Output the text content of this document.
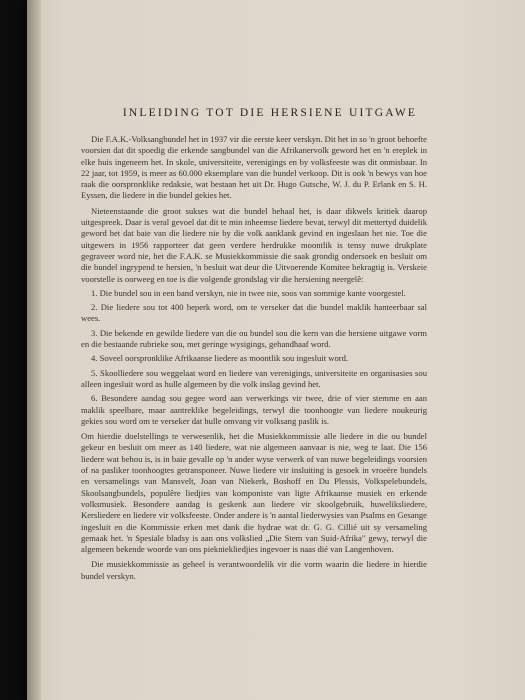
INLEIDING TOT DIE HERSIENE UITGAWE

Die F.A.K.-Volksangbundel het in 1937 vir die eerste keer verskyn. Dit het in so 'n groot behoefte voorsien dat dit spoedig die erkende sangbundel van die Afrikanervolk geword het en 'n ereplek in elke huis ingeneem het. In skole, universiteite, verenigings en by volksfeeste was dit onmisbaar. In 22 jaar, tot 1959, is meer as 60.000 eksemplare van die bundel verkoop. Dit is ook 'n bewys van hoe raak die oorspronklike redaksie, wat bestaan het uit Dr. Hugo Gutsche, W. J. du P. Erlank en S. H. Eyssen, die liedere in die bundel gekies het.

Nieteenstaande die groot sukses wat die bundel behaal het, is daar dikwels kritiek daarop uitgespreek. Daar is veral gevoel dat dit te min inheemse liedere bevat, terwyl dit mettertyd duidelik geword het dat baie van die liedere nie by die volk aanklank gevind en ingeslaan het nie. Toe die uitgewers in 1956 rapporteer dat geen verdere herdrukke moontlik is tensy nuwe drukplate gegraveer word nie, het die F.A.K. se Musiekkommissie die saak grondig ondersoek en besluit om die bundel ingrypend te hersien, 'n besluit wat deur die Uitvoerende Komitee bekragtig is. Verskeie voorstelle is oorweeg en toe is die volgende grondslag vir die hersiening neergelê:

1. Die bundel sou in een band verskyn, nie in twee nie, soos van sommige kante voorgestel.

2. Die liedere sou tot 400 beperk word, om te verseker dat die bundel maklik hanteerbaar sal wees.

3. Die bekende en gewilde liedere van die ou bundel sou die kern van die hersiene uitgawe vorm en die bestaande rubrieke sou, met geringe wysigings, gehandhaaf word.

4. Soveel oorspronklike Afrikaanse liedere as moontlik sou ingesluit word.

5. Skoolliedere sou weggelaat word en liedere van verenigings, universiteite en organisasies sou alleen ingesluit word as hulle algemeen by die volk inslag gevind het.

6. Besondere aandag sou gegee word aan verwerkings vir twee, drie of vier stemme en aan maklik speelbare, maar aantreklike begeleidings, terwyl die toonhoogte van liedere noukeurig gekies sou word om te verseker dat hulle omvang vir volksang paslik is.

Om hierdie doelstellings te verwesenlik, het die Musiekkommissie alle liedere in die ou bundel gekeur en besluit om meer as 140 liedere, wat nie algemeen aanvaar is nie, weg te laat. Die 156 liedere wat behou is, is in baie gevalle op 'n ander wyse verwerk of van nuwe begeleidings voorsien of na pasliker toonhoogtes getransponeer. Nuwe liedere vir insluiting is gesoek in vroeëre bundels en versamelings van Mansvelt, Joan van Niekerk, Boshoff en Du Plessis, Volkspelebundels, Skoolsangbundels, populêre liedjies van komponiste van ligte Afrikaanse musiek en erkende volksmusiek. Besondere aandag is geskenk aan liedere vir skoolgebruik, huweliksliedere, Kersliedere en liedere vir volksfeeste. Onder andere is 'n aantal liederwysies van Psalms en Gesange ingesluit en die Kommissie erken met dank die hydrae wat dr. G. G. Cillié uit sy versameling gemaak het. 'n Spesiale bladsy is aan ons volkslied „Die Stem van Suid-Afrika" gewy, terwyl die algemeen bekende woorde van ons piekniekliedjies ingevoer is naas dié van Langenhoven.

Die musiekkommissie as geheel is verantwoordelik vir die vorm waarin die liedere in hierdie bundel verskyn.
